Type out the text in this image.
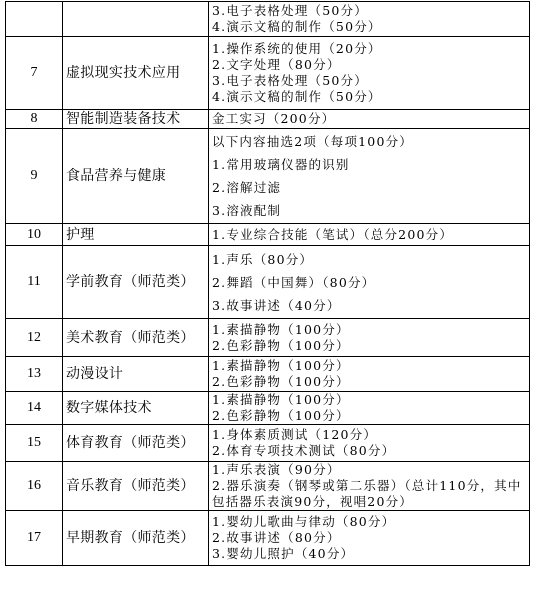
		3.电子表格处理（50分）
4.演示文稿的制作（50分）

7	虚拟现实技术应用	1.操作系统的使用（20分）
2.文字处理（80分）
3.电子表格处理（50分）
4.演示文稿的制作（50分）

8	智能制造装备技术	金工实习（200分）

9	食品营养与健康	以下内容抽选2项（每项100分）
1.常用玻璃仪器的识别
2.溶解过滤
3.溶液配制

10	护理	1.专业综合技能（笔试）（总分200分）

11	学前教育（师范类）	1.声乐（80分）
2.舞蹈（中国舞）（80分）
3.故事讲述（40分）

12	美术教育（师范类）	1.素描静物（100分）
2.色彩静物（100分）

13	动漫设计	1.素描静物（100分）
2.色彩静物（100分）

14	数字媒体技术	1.素描静物（100分）
2.色彩静物（100分）

15	体育教育（师范类）	1.身体素质测试（120分）
2.体育专项技术测试（80分）

16	音乐教育（师范类）	1.声乐表演（90分）
2.器乐演奏（钢琴或第二乐器）（总计110分，其中包括器乐表演90分，视唱20分）

17	早期教育（师范类）	1.婴幼儿歌曲与律动（80分）
2.故事讲述（80分）
3.婴幼儿照护（40分）
